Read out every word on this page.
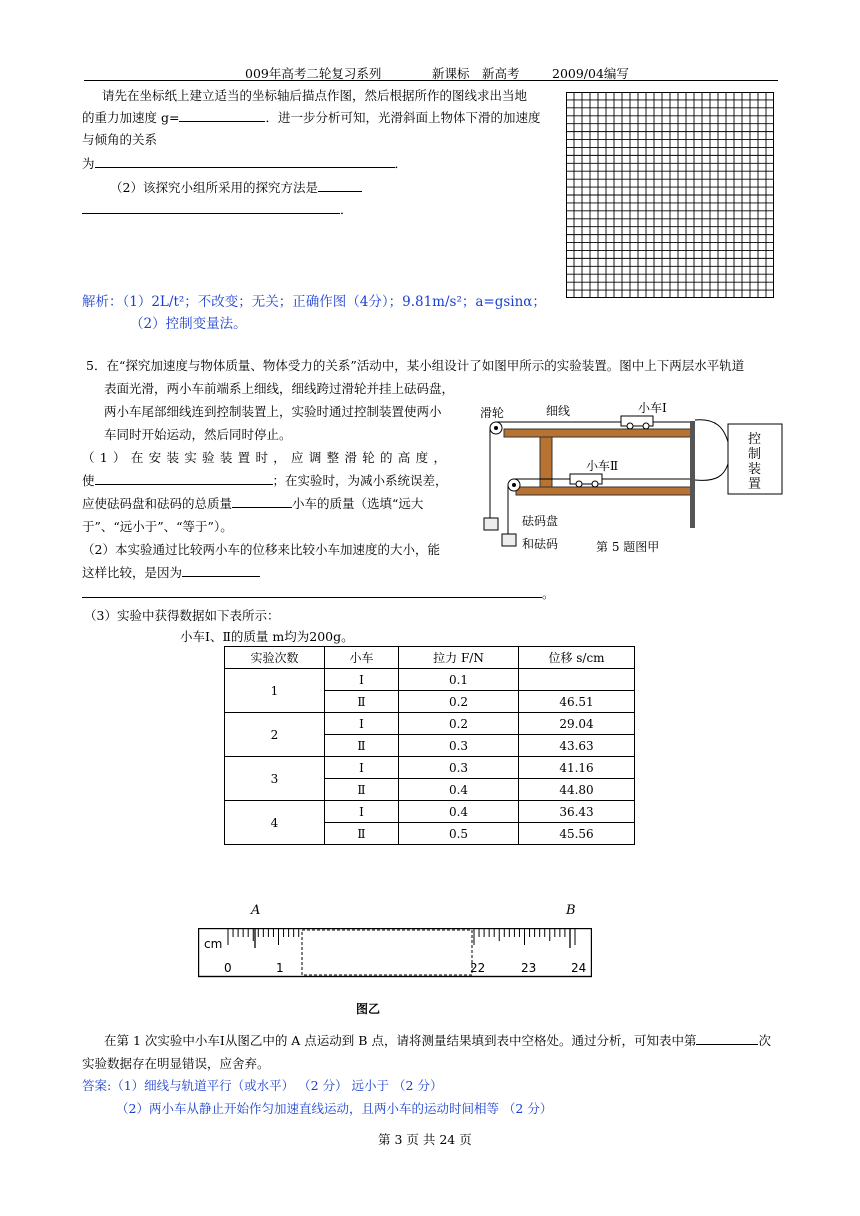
009年高考二轮复习系列	新课标 新高考	2009/04编写
请先在坐标纸上建立适当的坐标轴后描点作图，然后根据所作的图线求出当地
的重力加速度 g=	．进一步分析可知，光滑斜面上物体下滑的加速度
与倾角的关系
为	．
（2）该探究小组所采用的探究方法是
．
解析：（1）2L/t²；不改变；无关；正确作图（4分）；9.81m/s²；a=gsinα；
（2）控制变量法。
5．在“探究加速度与物体质量、物体受力的关系”活动中，某小组设计了如图甲所示的实验装置。图中上下两层水平轨道
表面光滑，两小车前端系上细线，细线跨过滑轮并挂上砝码盘，
两小车尾部细线连到控制装置上，实验时通过控制装置使两小
车同时开始运动，然后同时停止。
（1）在安装实验装置时，应调整滑轮的高度，
使	；在实验时，为减小系统误差，
应使砝码盘和砝码的总质量	小车的质量（选填“远大
于”、“远小于”、“等于”）。
（2）本实验通过比较两小车的位移来比较小车加速度的大小，能
这样比较，是因为
。
（3）实验中获得数据如下表所示：
小车Ⅰ、Ⅱ的质量 m均为200g。
滑轮	细线	小车Ⅰ
小车Ⅱ
控制装置
砝码盘
和砝码	第 5 题图甲
实验次数	小车	拉力 F/N	位移 s/cm
1	Ⅰ	0.1	
	Ⅱ	0.2	46.51
2	Ⅰ	0.2	29.04
	Ⅱ	0.3	43.63
3	Ⅰ	0.3	41.16
	Ⅱ	0.4	44.80
4	Ⅰ	0.4	36.43
	Ⅱ	0.5	45.56
cm
A	B
0	1	22	23	24
图乙
在第 1 次实验中小车Ⅰ从图乙中的 A 点运动到 B 点，请将测量结果填到表中空格处。通过分析，可知表中第	次
实验数据存在明显错误，应舍弃。
答案:（1）细线与轨道平行（或水平） （2 分） 远小于 （2 分）
（2）两小车从静止开始作匀加速直线运动，且两小车的运动时间相等 （2 分）
第 3 页 共 24 页
